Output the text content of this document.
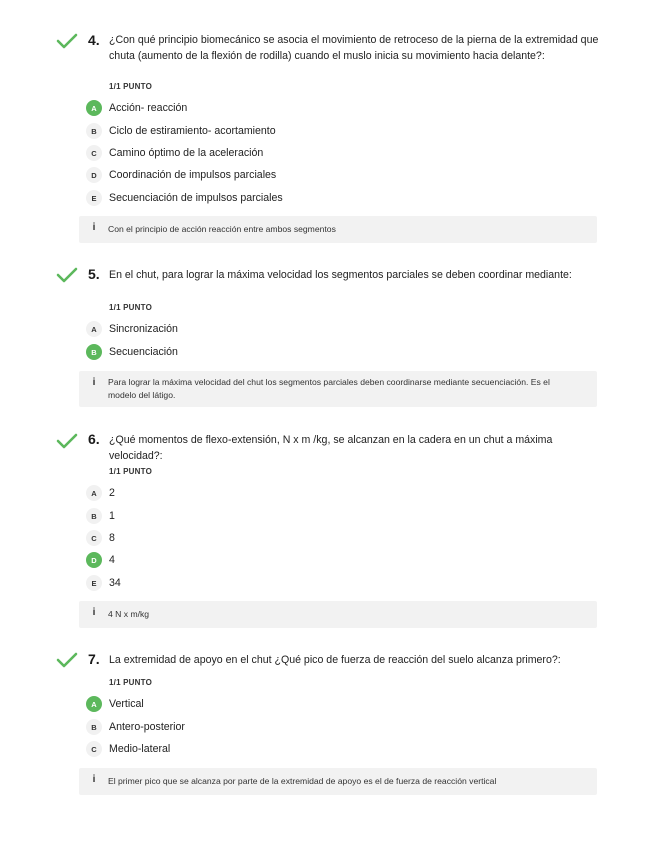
4. ¿Con qué principio biomecánico se asocia el movimiento de retroceso de la pierna de la extremidad que chuta (aumento de la flexión de rodilla) cuando el muslo inicia su movimiento hacia delante?:
1/1 PUNTO
A	Acción- reacción
B	Ciclo de estiramiento- acortamiento
C	Camino óptimo de la aceleración
D	Coordinación de impulsos parciales
E	Secuenciación de impulsos parciales
i	Con el principio de acción reacción entre ambos segmentos
5. En el chut, para lograr la máxima velocidad los segmentos parciales se deben coordinar mediante:
1/1 PUNTO
A	Sincronización
B	Secuenciación
i	Para lograr la máxima velocidad del chut los segmentos parciales deben coordinarse mediante secuenciación. Es el modelo del látigo.
6. ¿Qué momentos de flexo-extensión, N x m /kg, se alcanzan en la cadera en un chut a máxima velocidad?:
1/1 PUNTO
A	2
B	1
C	8
D	4
E	34
i	4 N x m/kg
7. La extremidad de apoyo en el chut ¿Qué pico de fuerza de reacción del suelo alcanza primero?:
1/1 PUNTO
A	Vertical
B	Antero-posterior
C	Medio-lateral
i	El primer pico que se alcanza por parte de la extremidad de apoyo es el de fuerza de reacción vertical
